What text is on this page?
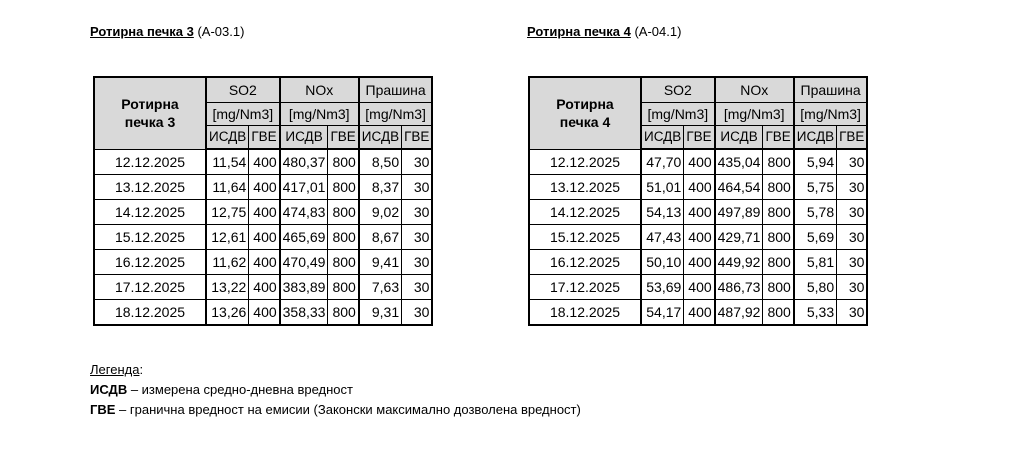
Ротирна печка 3 (А-03.1)	Ротирна печка 4 (А-04.1)
Ротирна
печка 3	SO2		NOx		Прашина	
	[mg/Nm3]		[mg/Nm3]		[mg/Nm3]	
	ИСДВ	ГВЕ	ИСДВ	ГВЕ	ИСДВ	ГВЕ
12.12.2025	11,54	400	480,37	800	8,50	30
13.12.2025	11,64	400	417,01	800	8,37	30
14.12.2025	12,75	400	474,83	800	9,02	30
15.12.2025	12,61	400	465,69	800	8,67	30
16.12.2025	11,62	400	470,49	800	9,41	30
17.12.2025	13,22	400	383,89	800	7,63	30
18.12.2025	13,26	400	358,33	800	9,31	30
Ротирна
печка 4	SO2		NOx		Прашина	
	[mg/Nm3]		[mg/Nm3]		[mg/Nm3]	
	ИСДВ	ГВЕ	ИСДВ	ГВЕ	ИСДВ	ГВЕ
12.12.2025	47,70	400	435,04	800	5,94	30
13.12.2025	51,01	400	464,54	800	5,75	30
14.12.2025	54,13	400	497,89	800	5,78	30
15.12.2025	47,43	400	429,71	800	5,69	30
16.12.2025	50,10	400	449,92	800	5,81	30
17.12.2025	53,69	400	486,73	800	5,80	30
18.12.2025	54,17	400	487,92	800	5,33	30
Легенда:
ИСДВ – измерена средно-дневна вредност
ГВЕ – гранична вредност на емисии (Законски максимално дозволена вредност)
